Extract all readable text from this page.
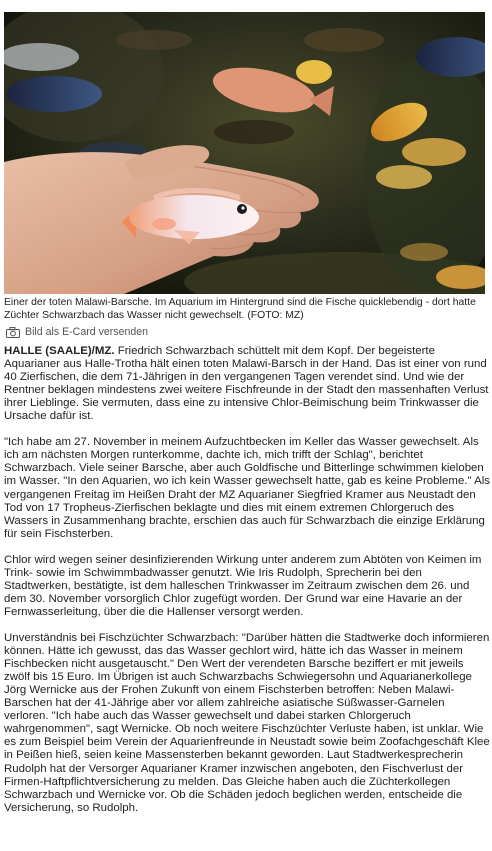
Einer der toten Malawi-Barsche. Im Aquarium im Hintergrund sind die Fische quicklebendig - dort hatte Züchter Schwarzbach das Wasser nicht gewechselt. (FOTO: MZ)
Bild als E-Card versenden

HALLE (SAALE)/MZ. Friedrich Schwarzbach schüttelt mit dem Kopf. Der begeisterte Aquarianer aus Halle-Trotha hält einen toten Malawi-Barsch in der Hand. Das ist einer von rund 40 Zierfischen, die dem 71-Jährigen in den vergangenen Tagen verendet sind. Und wie der Rentner beklagen mindestens zwei weitere Fischfreunde in der Stadt den massenhaften Verlust ihrer Lieblinge. Sie vermuten, dass eine zu intensive Chlor-Beimischung beim Trinkwasser die Ursache dafür ist.

"Ich habe am 27. November in meinem Aufzuchtbecken im Keller das Wasser gewechselt. Als ich am nächsten Morgen runterkomme, dachte ich, mich trifft der Schlag", berichtet Schwarzbach. Viele seiner Barsche, aber auch Goldfische und Bitterlinge schwimmen kieloben im Wasser. "In den Aquarien, wo ich kein Wasser gewechselt hatte, gab es keine Probleme." Als vergangenen Freitag im Heißen Draht der MZ Aquarianer Siegfried Kramer aus Neustadt den Tod von 17 Tropheus-Zierfischen beklagte und dies mit einem extremen Chlorgeruch des Wassers in Zusammenhang brachte, erschien das auch für Schwarzbach die einzige Erklärung für sein Fischsterben.

Chlor wird wegen seiner desinfizierenden Wirkung unter anderem zum Abtöten von Keimen im Trink- sowie im Schwimmbadwasser genutzt. Wie Iris Rudolph, Sprecherin bei den Stadtwerken, bestätigte, ist dem halleschen Trinkwasser im Zeitraum zwischen dem 26. und dem 30. November vorsorglich Chlor zugefügt worden. Der Grund war eine Havarie an der Fernwasserleitung, über die die Hallenser versorgt werden.

Unverständnis bei Fischzüchter Schwarzbach: "Darüber hätten die Stadtwerke doch informieren können. Hätte ich gewusst, das das Wasser gechlort wird, hätte ich das Wasser in meinem Fischbecken nicht ausgetauscht." Den Wert der verendeten Barsche beziffert er mit jeweils zwölf bis 15 Euro. Im Übrigen ist auch Schwarzbachs Schwiegersohn und Aquarianerkollege Jörg Wernicke aus der Frohen Zukunft von einem Fischsterben betroffen: Neben Malawi-Barschen hat der 41-Jährige aber vor allem zahlreiche asiatische Süßwasser-Garnelen verloren. "Ich habe auch das Wasser gewechselt und dabei starken Chlorgeruch wahrgenommen", sagt Wernicke. Ob noch weitere Fischzüchter Verluste haben, ist unklar. Wie es zum Beispiel beim Verein der Aquarienfreunde in Neustadt sowie beim Zoofachgeschäft Klee in Peißen hieß, seien keine Massensterben bekannt geworden. Laut Stadtwerkesprecherin Rudolph hat der Versorger Aquarianer Kramer inzwischen angeboten, den Fischverlust der Firmen-Haftpflichtversicherung zu melden. Das Gleiche haben auch die Züchterkollegen Schwarzbach und Wernicke vor. Ob die Schäden jedoch beglichen werden, entscheide die Versicherung, so Rudolph.
